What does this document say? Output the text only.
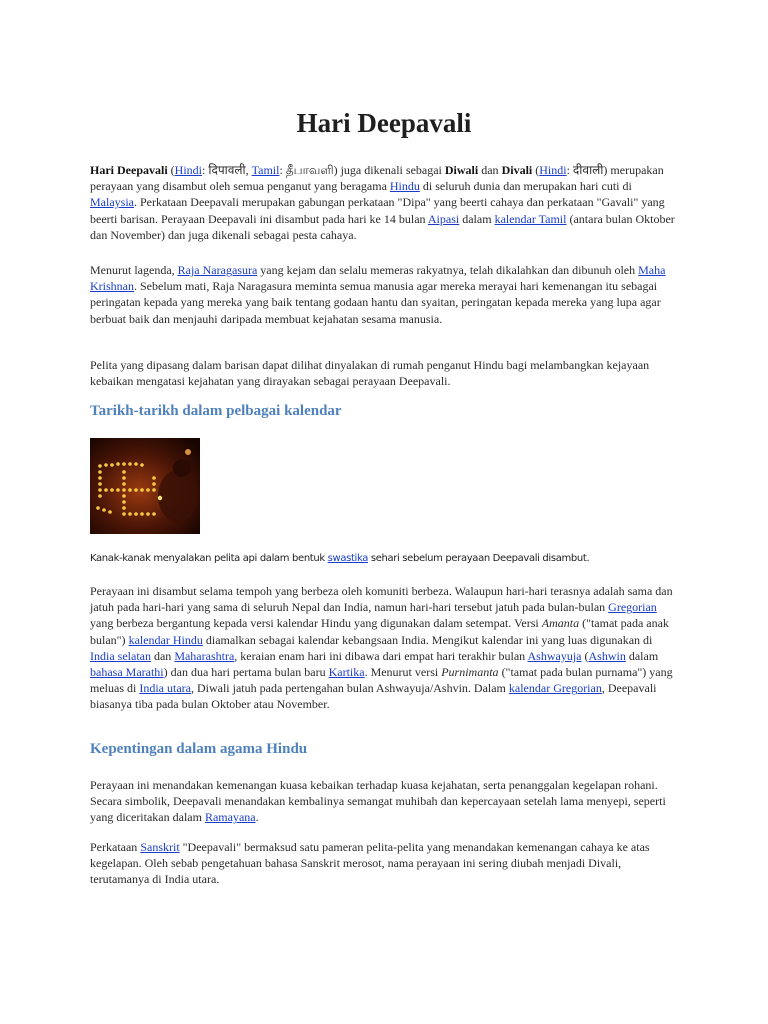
Hari Deepavali

Hari Deepavali (Hindi: दिपावली, Tamil: தீபாவளி) juga dikenali sebagai Diwali dan Divali (Hindi: दीवाली) merupakan perayaan yang disambut oleh semua penganut yang beragama Hindu di seluruh dunia dan merupakan hari cuti di Malaysia. Perkataan Deepavali merupakan gabungan perkataan "Dipa" yang beerti cahaya dan perkataan "Gavali" yang beerti barisan. Perayaan Deepavali ini disambut pada hari ke 14 bulan Aipasi dalam kalendar Tamil (antara bulan Oktober dan November) dan juga dikenali sebagai pesta cahaya.

Menurut lagenda, Raja Naragasura yang kejam dan selalu memeras rakyatnya, telah dikalahkan dan dibunuh oleh Maha Krishnan. Sebelum mati, Raja Naragasura meminta semua manusia agar mereka merayai hari kemenangan itu sebagai peringatan kepada yang mereka yang baik tentang godaan hantu dan syaitan, peringatan kepada mereka yang lupa agar berbuat baik dan menjauhi daripada membuat kejahatan sesama manusia.

Pelita yang dipasang dalam barisan dapat dilihat dinyalakan di rumah penganut Hindu bagi melambangkan kejayaan kebaikan mengatasi kejahatan yang dirayakan sebagai perayaan Deepavali.

Tarikh-tarikh dalam pelbagai kalendar

Kanak-kanak menyalakan pelita api dalam bentuk swastika sehari sebelum perayaan Deepavali disambut.

Perayaan ini disambut selama tempoh yang berbeza oleh komuniti berbeza. Walaupun hari-hari terasnya adalah sama dan jatuh pada hari-hari yang sama di seluruh Nepal dan India, namun hari-hari tersebut jatuh pada bulan-bulan Gregorian yang berbeza bergantung kepada versi kalendar Hindu yang digunakan dalam setempat. Versi Amanta ("tamat pada anak bulan") kalendar Hindu diamalkan sebagai kalendar kebangsaan India. Mengikut kalendar ini yang luas digunakan di India selatan dan Maharashtra, keraian enam hari ini dibawa dari empat hari terakhir bulan Ashwayuja (Ashwin dalam bahasa Marathi) dan dua hari pertama bulan baru Kartika. Menurut versi Purnimanta ("tamat pada bulan purnama") yang meluas di India utara, Diwali jatuh pada pertengahan bulan Ashwayuja/Ashvin. Dalam kalendar Gregorian, Deepavali biasanya tiba pada bulan Oktober atau November.

Kepentingan dalam agama Hindu

Perayaan ini menandakan kemenangan kuasa kebaikan terhadap kuasa kejahatan, serta penanggalan kegelapan rohani. Secara simbolik, Deepavali menandakan kembalinya semangat muhibah dan kepercayaan setelah lama menyepi, seperti yang diceritakan dalam Ramayana.

Perkataan Sanskrit "Deepavali" bermaksud satu pameran pelita-pelita yang menandakan kemenangan cahaya ke atas kegelapan. Oleh sebab pengetahuan bahasa Sanskrit merosot, nama perayaan ini sering diubah menjadi Divali, terutamanya di India utara.
